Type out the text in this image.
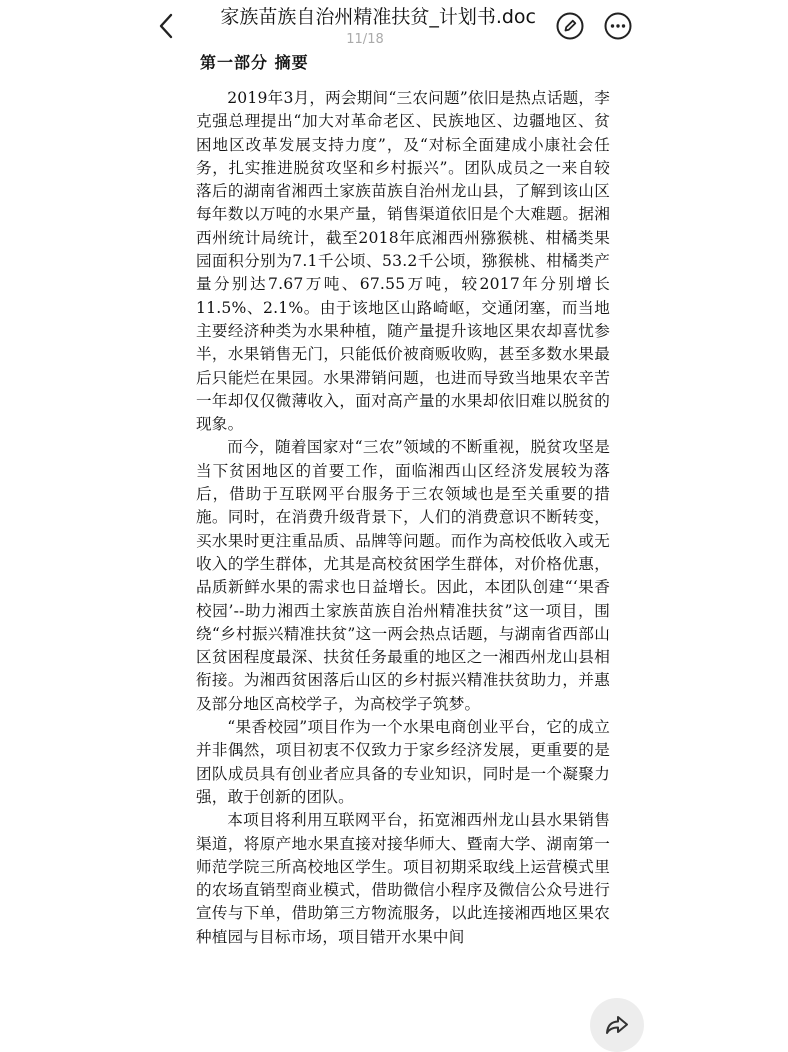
家族苗族自治州精准扶贫_计划书.doc
11/18
第一部分 摘要

2019年3月，两会期间“三农问题”依旧是热点话题，李克强总理提出“加大对革命老区、民族地区、边疆地区、贫困地区改革发展支持力度”，及“对标全面建成小康社会任务，扎实推进脱贫攻坚和乡村振兴”。团队成员之一来自较落后的湖南省湘西土家族苗族自治州龙山县，了解到该山区每年数以万吨的水果产量，销售渠道依旧是个大难题。据湘西州统计局统计，截至2018年底湘西州猕猴桃、柑橘类果园面积分别为7.1千公顷、53.2千公顷，猕猴桃、柑橘类产量分别达7.67万吨、67.55万吨，较2017年分别增长11.5%、2.1%。由于该地区山路崎岖，交通闭塞，而当地主要经济种类为水果种植，随产量提升该地区果农却喜忧参半，水果销售无门，只能低价被商贩收购，甚至多数水果最后只能烂在果园。水果滞销问题，也进而导致当地果农辛苦一年却仅仅微薄收入，面对高产量的水果却依旧难以脱贫的现象。

而今，随着国家对“三农”领域的不断重视，脱贫攻坚是当下贫困地区的首要工作，面临湘西山区经济发展较为落后，借助于互联网平台服务于三农领域也是至关重要的措施。同时，在消费升级背景下，人们的消费意识不断转变，买水果时更注重品质、品牌等问题。而作为高校低收入或无收入的学生群体，尤其是高校贫困学生群体，对价格优惠，品质新鲜水果的需求也日益增长。因此，本团队创建“‘果香校园’--助力湘西土家族苗族自治州精准扶贫”这一项目，围绕“乡村振兴精准扶贫”这一两会热点话题，与湖南省西部山区贫困程度最深、扶贫任务最重的地区之一湘西州龙山县相衔接。为湘西贫困落后山区的乡村振兴精准扶贫助力，并惠及部分地区高校学子，为高校学子筑梦。

“果香校园”项目作为一个水果电商创业平台，它的成立并非偶然，项目初衷不仅致力于家乡经济发展，更重要的是团队成员具有创业者应具备的专业知识，同时是一个凝聚力强，敢于创新的团队。

本项目将利用互联网平台，拓宽湘西州龙山县水果销售渠道，将原产地水果直接对接华师大、暨南大学、湖南第一师范学院三所高校地区学生。项目初期采取线上运营模式里的农场直销型商业模式，借助微信小程序及微信公众号进行宣传与下单，借助第三方物流服务，以此连接湘西地区果农种植园与目标市场，项目错开水果中间
